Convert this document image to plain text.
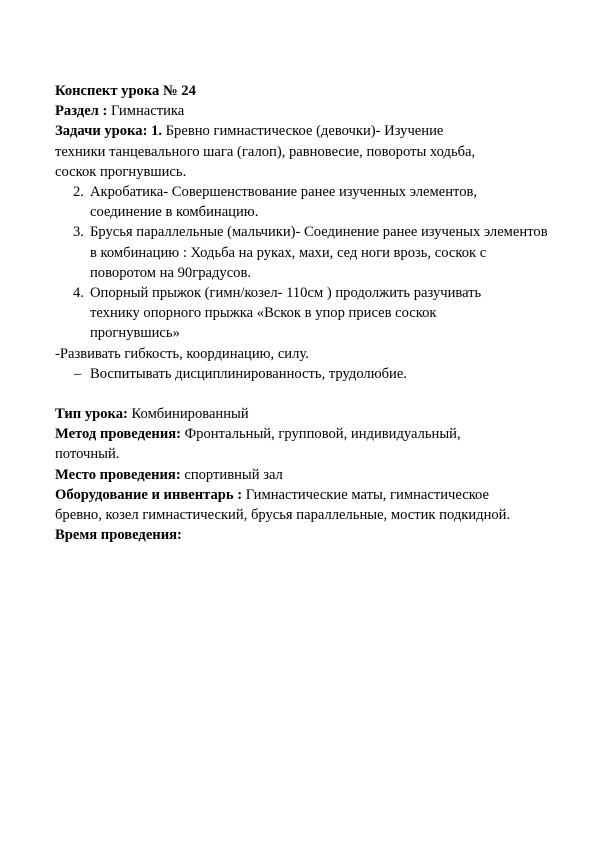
Конспект урока № 24

Раздел : Гимнастика

Задачи урока: 1. Бревно гимнастическое (девочки)- Изучение техники танцевального шага (галоп), равновесие, повороты ходьба, соскок прогнувшись.

2. Акробатика- Совершенствование ранее изученных элементов, соединение в комбинацию.

3. Брусья параллельные (мальчики)- Соединение ранее изученых элементов в комбинацию : Ходьба на руках, махи, сед ноги врозь, соскок с поворотом на 90градусов.

4. Опорный прыжок (гимн/козел- 110см ) продолжить разучивать технику опорного прыжка «Вскок в упор присев соскок прогнувшись»

-Развивать гибкость, координацию, силу.

– Воспитывать дисциплинированность, трудолюбие.

Тип урока: Комбинированный

Метод проведения: Фронтальный, групповой, индивидуальный, поточный.

Место проведения: спортивный зал

Оборудование и инвентарь : Гимнастические маты, гимнастическое бревно, козел гимнастический, брусья параллельные, мостик подкидной.

Время проведения:
